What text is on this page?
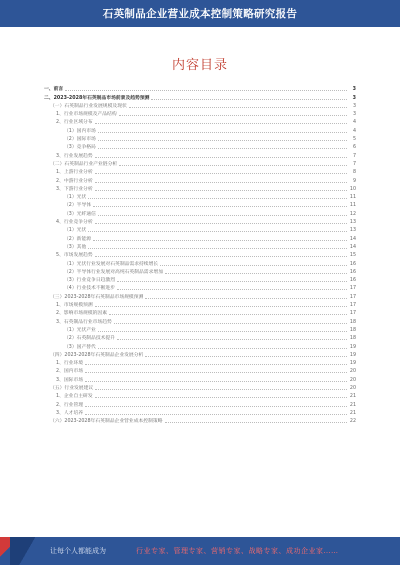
石英制品企业营业成本控制策略研究报告
内容目录
一、前言	3
二、2023-2028年石英制品市场前景及趋势预测	3
（一）石英制品行业发展规模及现状	3
1、行业市场规模及产品结构	3
2、行业区域分布	4
（1）国内市场	4
（2）国际市场	5
（3）竞争格局	6
3、行业发展趋势	7
（二）石英制品行业产业链分析	7
1、上游行业分析	8
2、中游行业分析	9
3、下游行业分析	10
（1）光伏	11
（2）半导体	11
（3）光纤通信	12
4、行业竞争分析	13
（1）光伏	13
（2）新能源	14
（3）其他	14
5、市场发展趋势	15
（1）光伏行业发展对石英制品需求持续增长	16
（2）半导体行业发展对高纯石英制品需求增加	16
（3）行业竞争日趋激烈	16
（4）行业技术不断进步	17
（三）2023-2028年石英制品市场规模预测	17
1、市场规模预测	17
2、影响市场规模的因素	17
3、石英制品行业市场趋势	18
（1）光伏产业	18
（2）石英制品技术提升	18
（3）国产替代	19
（四）2023-2028年石英制品企业发展分析	19
1、行业环境	19
2、国内市场	20
3、国际市场	20
（五）行业发展建议	20
1、企业自主研发	21
2、行业管理	21
3、人才培养	21
（六）2023-2028年石英制品企业营业成本控制策略	22
让每个人都能成为	行业专家、管理专家、营销专家、战略专家、成功企业家……
